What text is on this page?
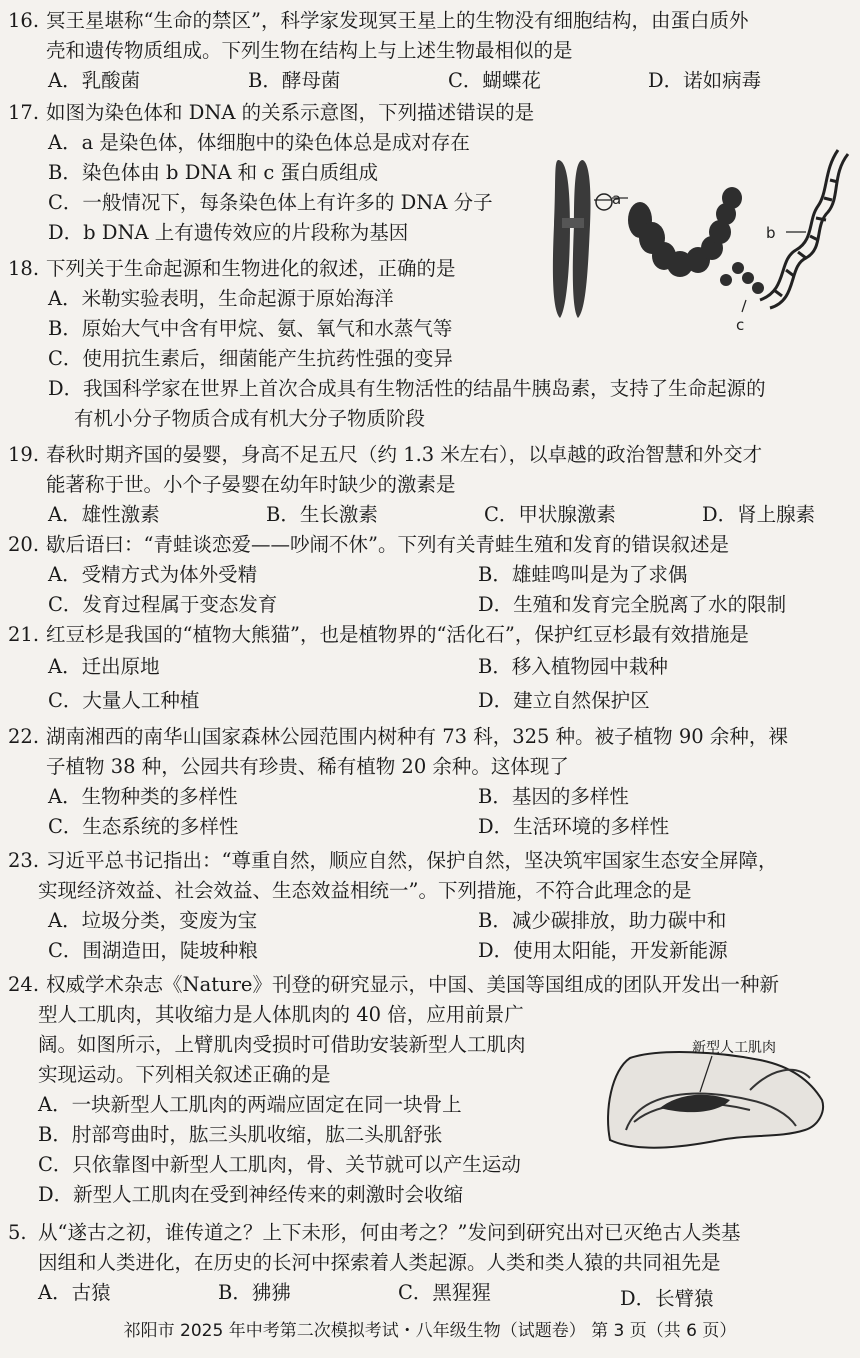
16. 冥王星堪称“生命的禁区”，科学家发现冥王星上的生物没有细胞结构，由蛋白质外
壳和遗传物质组成。下列生物在结构上与上述生物最相似的是
A．乳酸菌	B．酵母菌	C．蝴蝶花	D．诺如病毒
17. 如图为染色体和 DNA 的关系示意图，下列描述错误的是
A．a 是染色体，体细胞中的染色体总是成对存在
B．染色体由 b DNA 和 c 蛋白质组成
C．一般情况下，每条染色体上有许多的 DNA 分子
D．b DNA 上有遗传效应的片段称为基因
18. 下列关于生命起源和生物进化的叙述，正确的是
A．米勒实验表明，生命起源于原始海洋
B．原始大气中含有甲烷、氨、氧气和水蒸气等
C．使用抗生素后，细菌能产生抗药性强的变异
D．我国科学家在世界上首次合成具有生物活性的结晶牛胰岛素，支持了生命起源的
有机小分子物质合成有机大分子物质阶段
19. 春秋时期齐国的晏婴，身高不足五尺（约 1.3 米左右），以卓越的政治智慧和外交才
能著称于世。小个子晏婴在幼年时缺少的激素是
A．雄性激素	B．生长激素	C．甲状腺激素	D．肾上腺素
20. 歇后语曰：“青蛙谈恋爱——吵闹不休”。下列有关青蛙生殖和发育的错误叙述是
A．受精方式为体外受精	B．雄蛙鸣叫是为了求偶
C．发育过程属于变态发育	D．生殖和发育完全脱离了水的限制
21. 红豆杉是我国的“植物大熊猫”，也是植物界的“活化石”，保护红豆杉最有效措施是
A．迁出原地	B．移入植物园中栽种
C．大量人工种植	D．建立自然保护区
22. 湖南湘西的南华山国家森林公园范围内树种有 73 科，325 种。被子植物 90 余种，裸
子植物 38 种，公园共有珍贵、稀有植物 20 余种。这体现了
A．生物种类的多样性	B．基因的多样性
C．生态系统的多样性	D．生活环境的多样性
23. 习近平总书记指出：“尊重自然，顺应自然，保护自然，坚决筑牢国家生态安全屏障，
实现经济效益、社会效益、生态效益相统一”。下列措施，不符合此理念的是
A．垃圾分类，变废为宝	B．减少碳排放，助力碳中和
C．围湖造田，陡坡种粮	D．使用太阳能，开发新能源
24. 权威学术杂志《Nature》刊登的研究显示，中国、美国等国组成的团队开发出一种新
型人工肌肉，其收缩力是人体肌肉的 40 倍，应用前景广
阔。如图所示，上臂肌肉受损时可借助安装新型人工肌肉
实现运动。下列相关叙述正确的是
A．一块新型人工肌肉的两端应固定在同一块骨上
B．肘部弯曲时，肱三头肌收缩，肱二头肌舒张
C．只依靠图中新型人工肌肉，骨、关节就可以产生运动
D．新型人工肌肉在受到神经传来的刺激时会收缩
5. 从“遂古之初，谁传道之？上下未形，何由考之？”发问到研究出对已灭绝古人类基
因组和人类进化，在历史的长河中探索着人类起源。人类和类人猿的共同祖先是
A．古猿	B．狒狒	C．黑猩猩	D．长臂猿
a
b
c
新型人工肌肉
祁阳市 2025 年中考第二次模拟考试・八年级生物（试题卷） 第 3 页（共 6 页）
